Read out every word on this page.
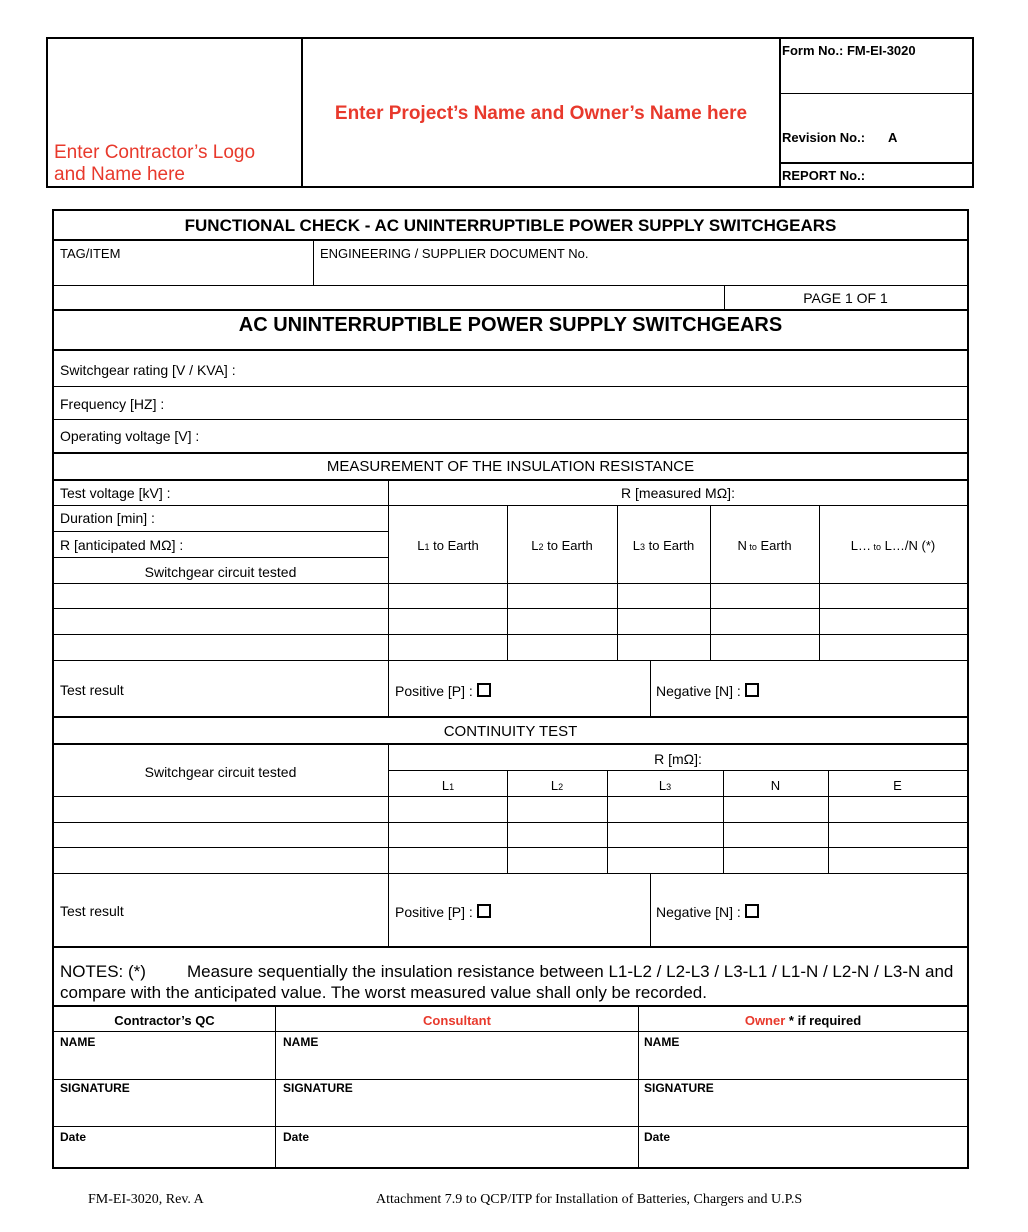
Enter Contractor’s Logo
and Name here
Enter Project’s Name and Owner’s Name here
Form No.: FM-EI-3020
Revision No.: A
REPORT No.:
FUNCTIONAL CHECK - AC UNINTERRUPTIBLE POWER SUPPLY SWITCHGEARS
TAG/ITEM	ENGINEERING / SUPPLIER DOCUMENT No.
PAGE 1 OF 1
AC UNINTERRUPTIBLE POWER SUPPLY SWITCHGEARS
Switchgear rating [V / KVA] :
Frequency [HZ] :
Operating voltage [V] :
MEASUREMENT OF THE INSULATION RESISTANCE
Test voltage [kV] :	R [measured MΩ]:
Duration [min] :
R [anticipated MΩ] :
Switchgear circuit tested
L1 to Earth	L2 to Earth	L3 to Earth	N to Earth	L… to L…/N (*)
Test result	Positive [P] :	Negative [N] :
CONTINUITY TEST
Switchgear circuit tested
R [mΩ]:
L1	L2	L3	N	E
Test result	Positive [P] :	Negative [N] :
NOTES: (*) Measure sequentially the insulation resistance between L1-L2 / L2-L3 / L3-L1 / L1-N / L2-N / L3-N and
compare with the anticipated value. The worst measured value shall only be recorded.
Contractor’s QC	Consultant	Owner * if required
NAME	NAME	NAME
SIGNATURE	SIGNATURE	SIGNATURE
Date	Date	Date
FM-EI-3020, Rev. A	Attachment 7.9 to QCP/ITP for Installation of Batteries, Chargers and U.P.S
